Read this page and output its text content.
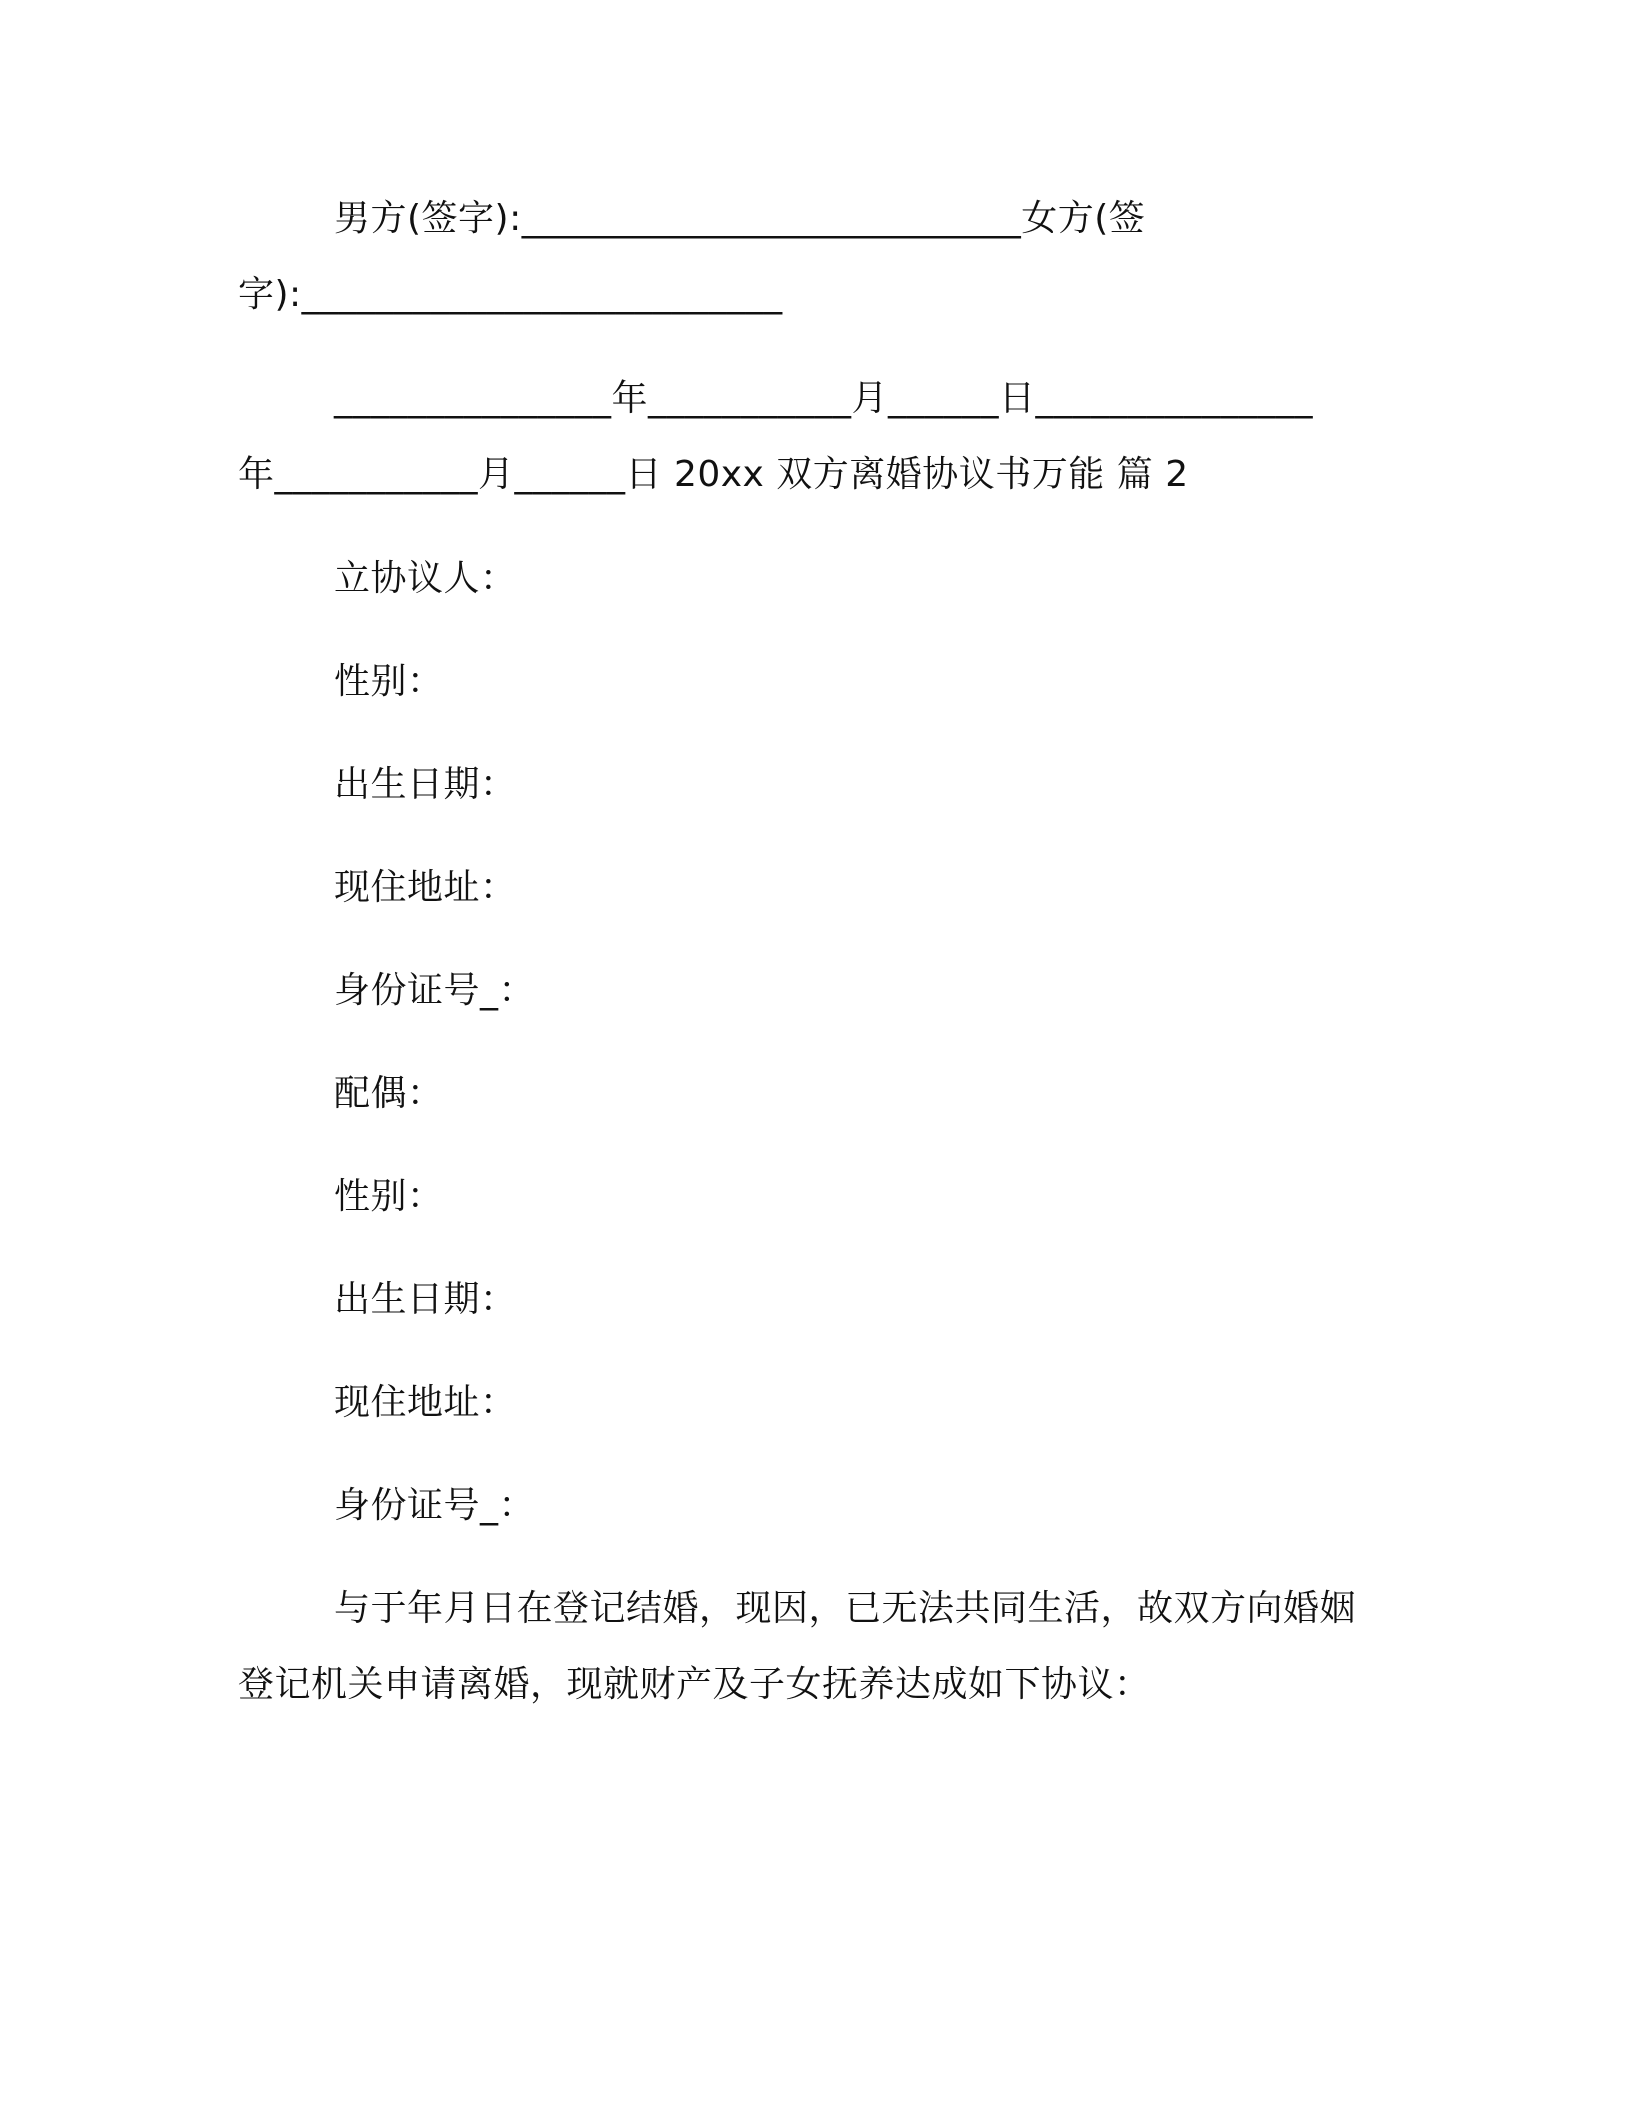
男方(签字):___________________________女方(签
字):__________________________
_______________年___________月______日_______________
年___________月______日 20xx 双方离婚协议书万能 篇 2
立协议人：
性别：
出生日期：
现住地址：
身份证号_：
配偶：
性别：
出生日期：
现住地址：
身份证号_：
与于年月日在登记结婚，现因，已无法共同生活，故双方向婚姻
登记机关申请离婚，现就财产及子女抚养达成如下协议：
